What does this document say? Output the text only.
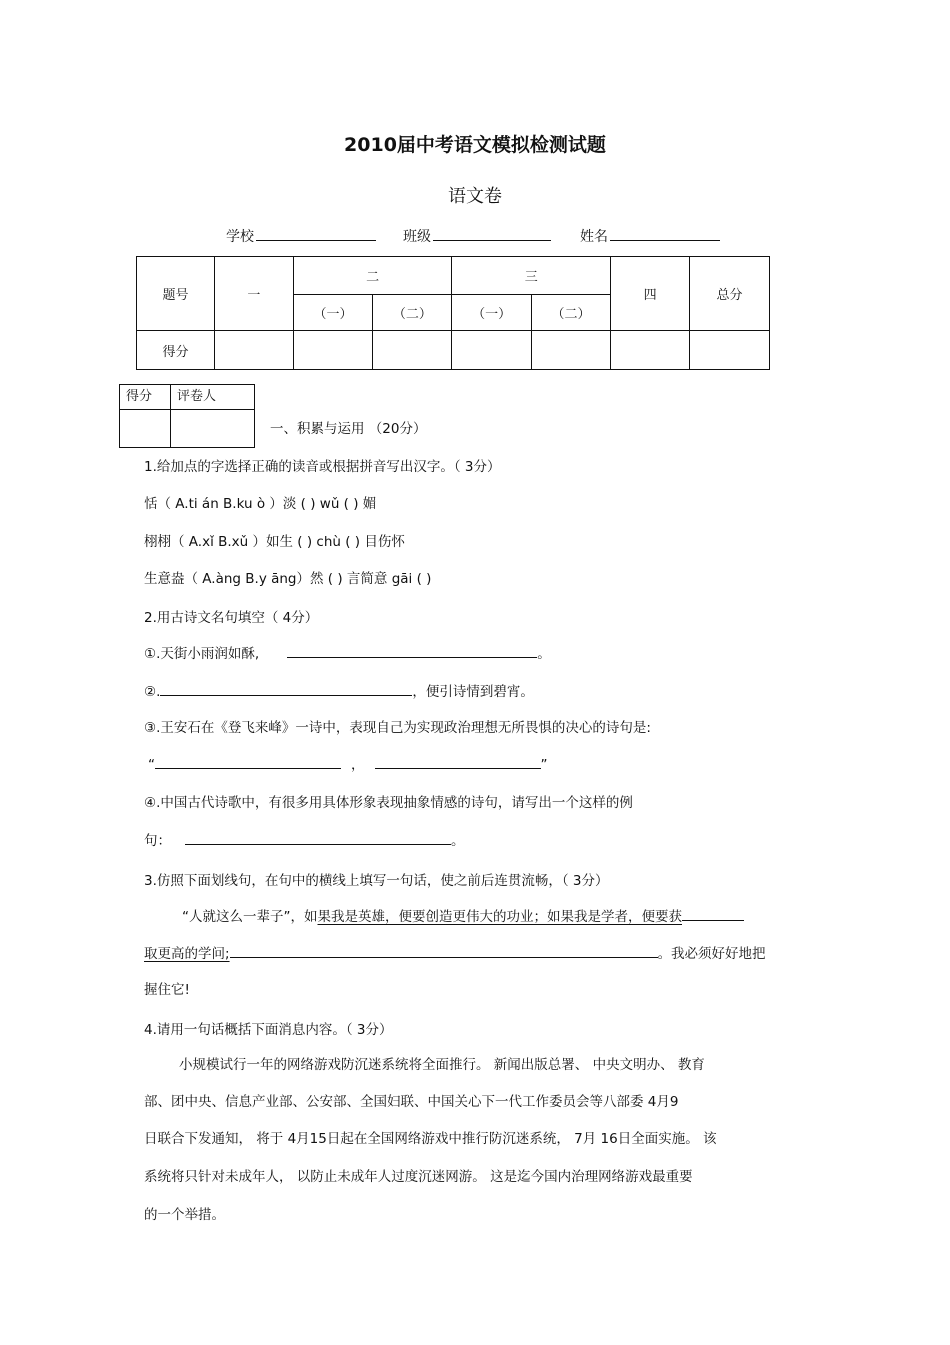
2010届中考语文模拟检测试题
语文卷
学校	班级	姓名
题号	一	二		三		四	总分
		（一）	（二）	（一）	（二）		
得分							
得分	评卷人

一、积累与运用 （20分）
1.给加点的字选择正确的读音或根据拼音写出汉字。（ 3分）
恬（ A.ti án B.ku ò ）淡 ( ) wǔ ( ) 媚
栩栩（ A.xǐ B.xǔ ）如生 ( ) chù ( ) 目伤怀
生意盎（ A.àng B.y āng）然 ( ) 言简意 gāi ( )
2.用古诗文名句填空（ 4分）
①.天街小雨润如酥,	。
②.	，便引诗情到碧宵。
③.王安石在《登飞来峰》一诗中，表现自己为实现政治理想无所畏惧的决心的诗句是:
“	，	”
④.中国古代诗歌中，有很多用具体形象表现抽象情感的诗句，请写出一个这样的例
句：	。
3.仿照下面划线句，在句中的横线上填写一句话，使之前后连贯流畅，（ 3分）
“人就这么一辈子”，如果我是英雄，便要创造更伟大的功业；如果我是学者，便要获
取更高的学问;	。我必须好好地把
握住它!
4.请用一句话概括下面消息内容。（ 3分）
小规模试行一年的网络游戏防沉迷系统将全面推行。 新闻出版总署、 中央文明办、 教育
部、团中央、信息产业部、公安部、全国妇联、中国关心下一代工作委员会等八部委 4月9
日联合下发通知， 将于 4月15日起在全国网络游戏中推行防沉迷系统， 7月 16日全面实施。 该
系统将只针对未成年人， 以防止未成年人过度沉迷网游。 这是迄今国内治理网络游戏最重要
的一个举措。
